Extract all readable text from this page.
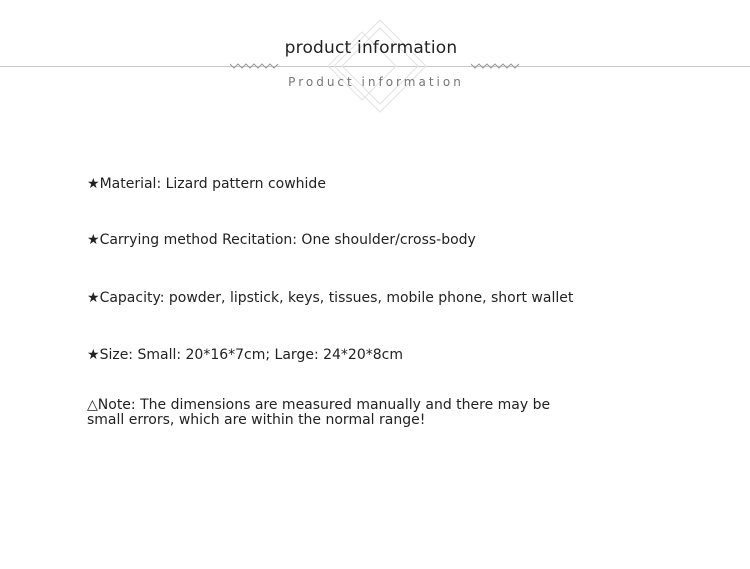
product information
Product information
★Material: Lizard pattern cowhide
★Carrying method Recitation: One shoulder/cross-body
★Capacity: powder, lipstick, keys, tissues, mobile phone, short wallet
★Size: Small: 20*16*7cm; Large: 24*20*8cm
△Note: The dimensions are measured manually and there may be small errors, which are within the normal range!
